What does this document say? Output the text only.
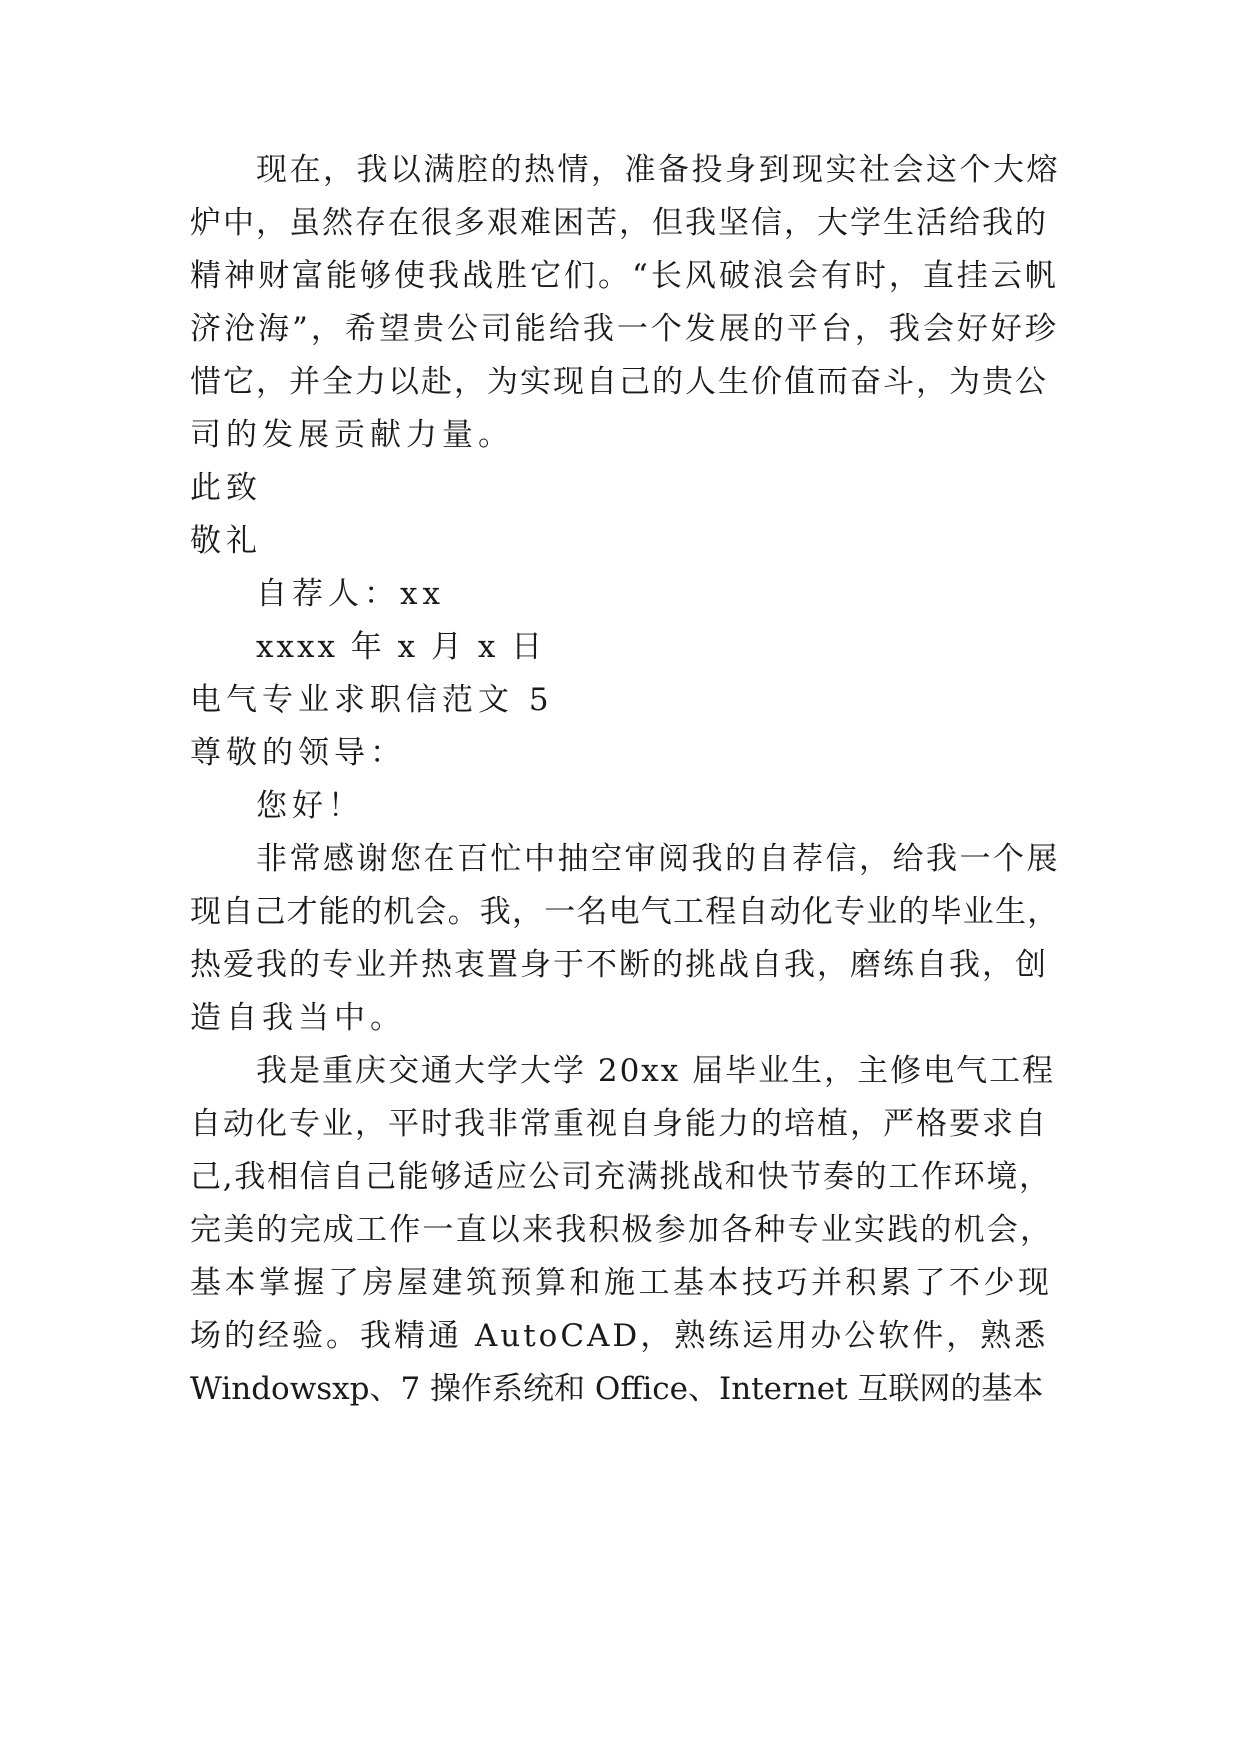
现在，我以满腔的热情，准备投身到现实社会这个大熔
炉中，虽然存在很多艰难困苦，但我坚信，大学生活给我的
精神财富能够使我战胜它们。“长风破浪会有时，直挂云帆
济沧海”，希望贵公司能给我一个发展的平台，我会好好珍
惜它，并全力以赴，为实现自己的人生价值而奋斗，为贵公
司的发展贡献力量。
此致
敬礼
自荐人：xx
xxxx 年 x 月 x 日
电气专业求职信范文 5
尊敬的领导：
您好！
非常感谢您在百忙中抽空审阅我的自荐信，给我一个展
现自己才能的机会。我，一名电气工程自动化专业的毕业生，
热爱我的专业并热衷置身于不断的挑战自我，磨练自我，创
造自我当中。
我是重庆交通大学大学 20xx 届毕业生，主修电气工程
自动化专业，平时我非常重视自身能力的培植，严格要求自
己,我相信自己能够适应公司充满挑战和快节奏的工作环境，
完美的完成工作一直以来我积极参加各种专业实践的机会，
基本掌握了房屋建筑预算和施工基本技巧并积累了不少现
场的经验。我精通 AutoCAD，熟练运用办公软件，熟悉
Windowsxp、7 操作系统和 Office、Internet 互联网的基本
